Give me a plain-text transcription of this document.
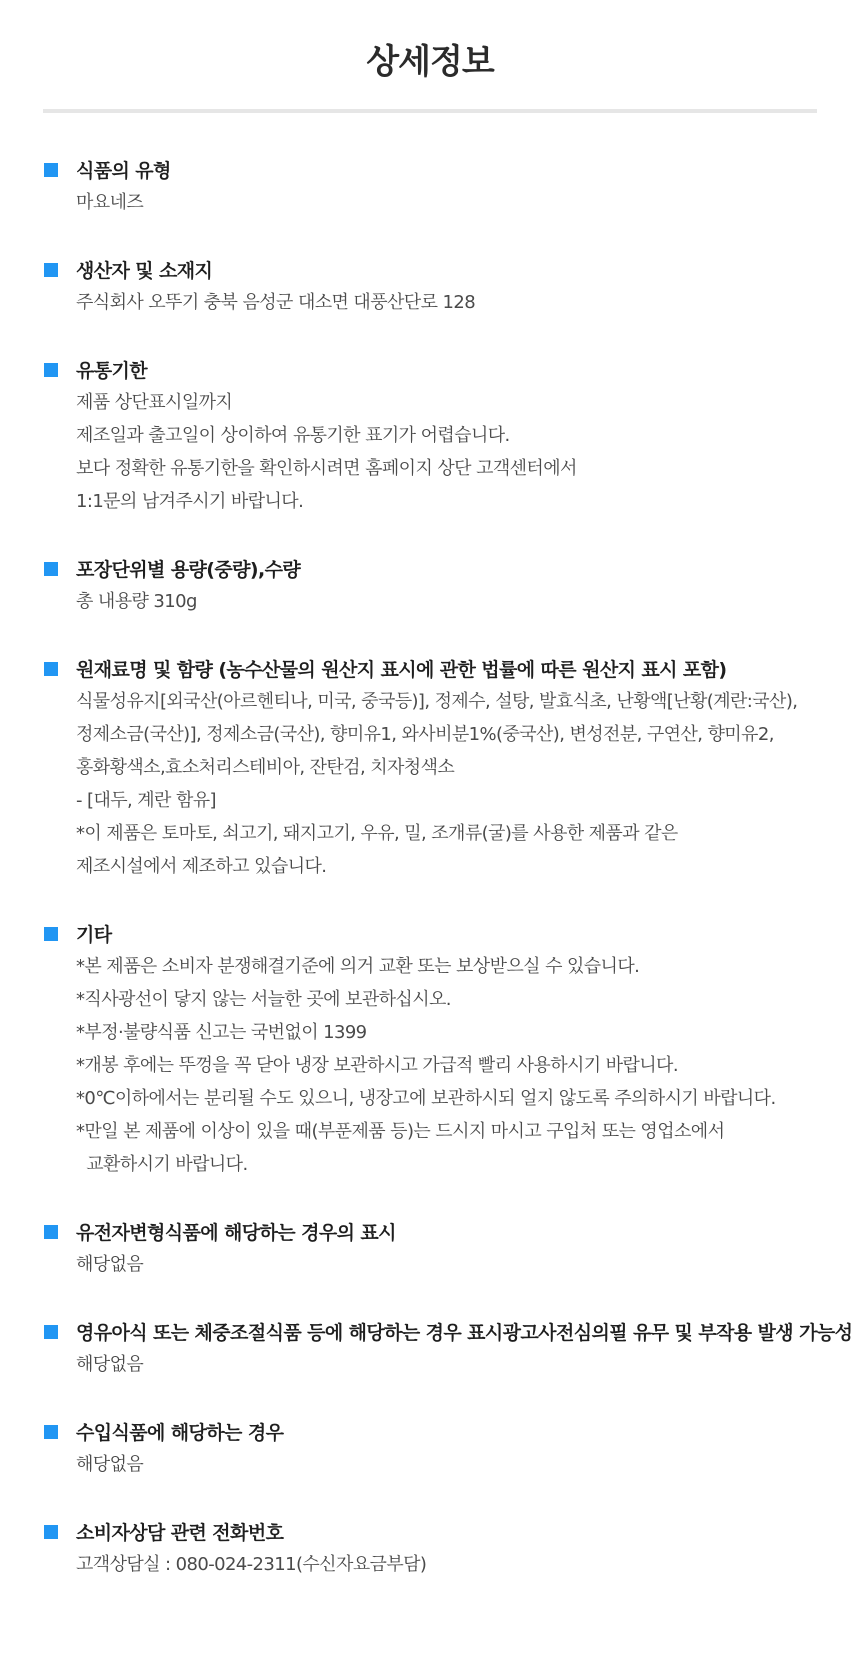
상세정보
식품의 유형
마요네즈
생산자 및 소재지
주식회사 오뚜기 충북 음성군 대소면 대풍산단로 128
유통기한
제품 상단표시일까지
제조일과 출고일이 상이하여 유통기한 표기가 어렵습니다.
보다 정확한 유통기한을 확인하시려면 홈페이지 상단 고객센터에서
1:1문의 남겨주시기 바랍니다.
포장단위별 용량(중량),수량
총 내용량 310g
원재료명 및 함량 (농수산물의 원산지 표시에 관한 법률에 따른 원산지 표시 포함)
식물성유지[외국산(아르헨티나, 미국, 중국등)], 정제수, 설탕, 발효식초, 난황액[난황(계란:국산),
정제소금(국산)], 정제소금(국산), 향미유1, 와사비분1%(중국산), 변성전분, 구연산, 향미유2,
홍화황색소,효소처리스테비아, 잔탄검, 치자청색소
- [대두, 계란 함유]
*이 제품은 토마토, 쇠고기, 돼지고기, 우유, 밀, 조개류(굴)를 사용한 제품과 같은
제조시설에서 제조하고 있습니다.
기타
*본 제품은 소비자 분쟁해결기준에 의거 교환 또는 보상받으실 수 있습니다.
*직사광선이 닿지 않는 서늘한 곳에 보관하십시오.
*부정·불량식품 신고는 국번없이 1399
*개봉 후에는 뚜껑을 꼭 닫아 냉장 보관하시고 가급적 빨리 사용하시기 바랍니다.
*0℃이하에서는 분리될 수도 있으니, 냉장고에 보관하시되 얼지 않도록 주의하시기 바랍니다.
*만일 본 제품에 이상이 있을 때(부푼제품 등)는 드시지 마시고 구입처 또는 영업소에서
교환하시기 바랍니다.
유전자변형식품에 해당하는 경우의 표시
해당없음
영유아식 또는 체중조절식품 등에 해당하는 경우 표시광고사전심의필 유무 및 부작용 발생 가능성
해당없음
수입식품에 해당하는 경우
해당없음
소비자상담 관련 전화번호
고객상담실 : 080-024-2311(수신자요금부담)
